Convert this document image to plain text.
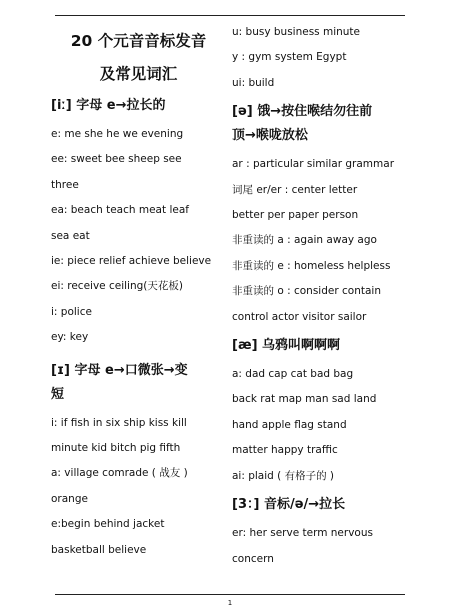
20 个元音音标发音
及常见词汇
[iː] 字母 e→拉长的
e: me she he we evening
ee: sweet bee sheep see
three
ea: beach teach meat leaf
sea eat
ie: piece relief achieve believe
ei: receive ceiling(天花板)
i: police
ey: key
[ɪ] 字母 e→口微张→变
短
i: if fish in six ship kiss kill
minute kid bitch pig fifth
a: village comrade ( 战友 )
orange
e:begin behind jacket
basketball believe
u: busy business minute
y : gym system Egypt
ui: build
[ə] 饿→按住喉结勿往前
顶→喉咙放松
ar : particular similar grammar
词尾 er/er : center letter
better per paper person
非重读的 a : again away ago
非重读的 e : homeless helpless
非重读的 o : consider contain
control actor visitor sailor
[æ] 乌鸦叫啊啊啊
a: dad cap cat bad bag
back rat map man sad land
hand apple flag stand
matter happy traffic
ai: plaid ( 有格子的 )
[3：] 音标/ə/→拉长
er: her serve term nervous
concern
1
